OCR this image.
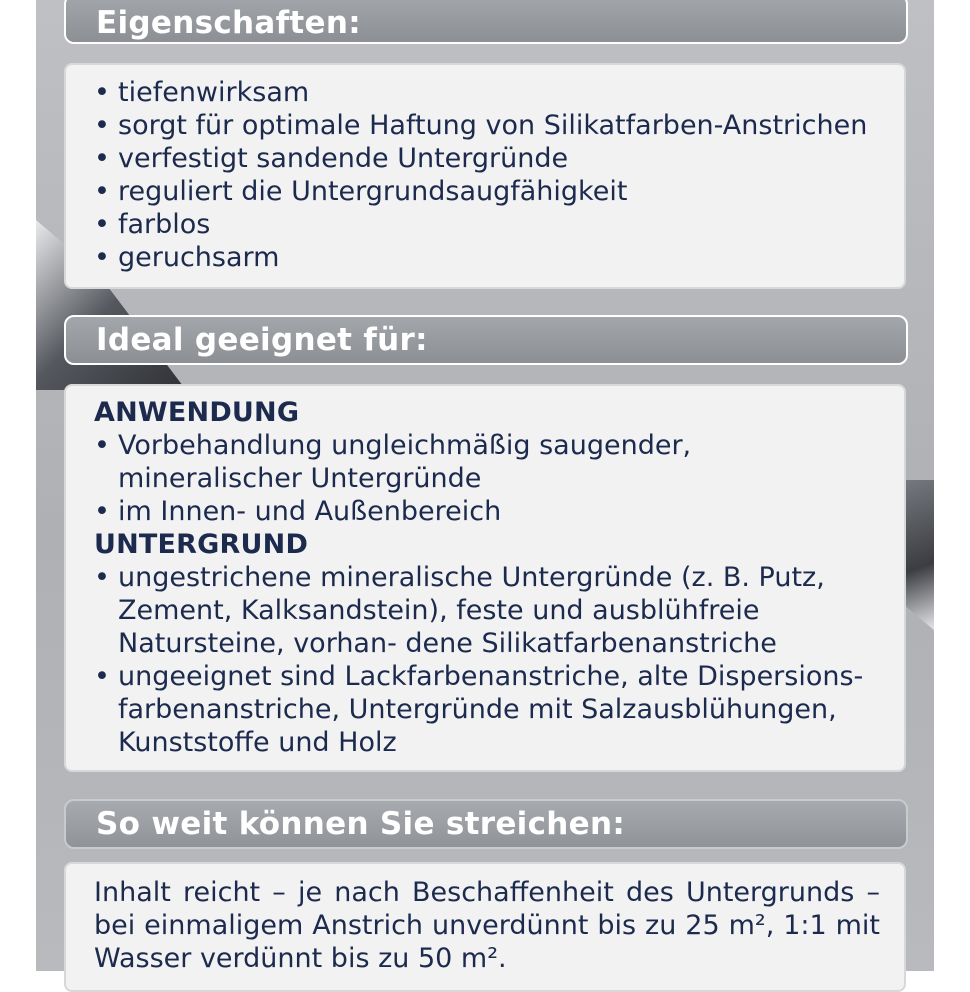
Eigenschaften:
• tiefenwirksam
• sorgt für optimale Haftung von Silikatfarben-Anstrichen
• verfestigt sandende Untergründe
• reguliert die Untergrundsaugfähigkeit
• farblos
• geruchsarm
Ideal geeignet für:
ANWENDUNG
• Vorbehandlung ungleichmäßig saugender, mineralischer Untergründe
• im Innen- und Außenbereich
UNTERGRUND
• ungestrichene mineralische Untergründe (z. B. Putz, Zement, Kalksandstein), feste und ausblühfreie Natursteine, vorhan- dene Silikatfarbenanstriche
• ungeeignet sind Lackfarbenanstriche, alte Dispersions- farbenanstriche, Untergründe mit Salzausblühungen, Kunststoffe und Holz
So weit können Sie streichen:
Inhalt reicht – je nach Beschaffenheit des Untergrunds – bei einmaligem Anstrich unverdünnt bis zu 25 m², 1:1 mit Wasser verdünnt bis zu 50 m².
